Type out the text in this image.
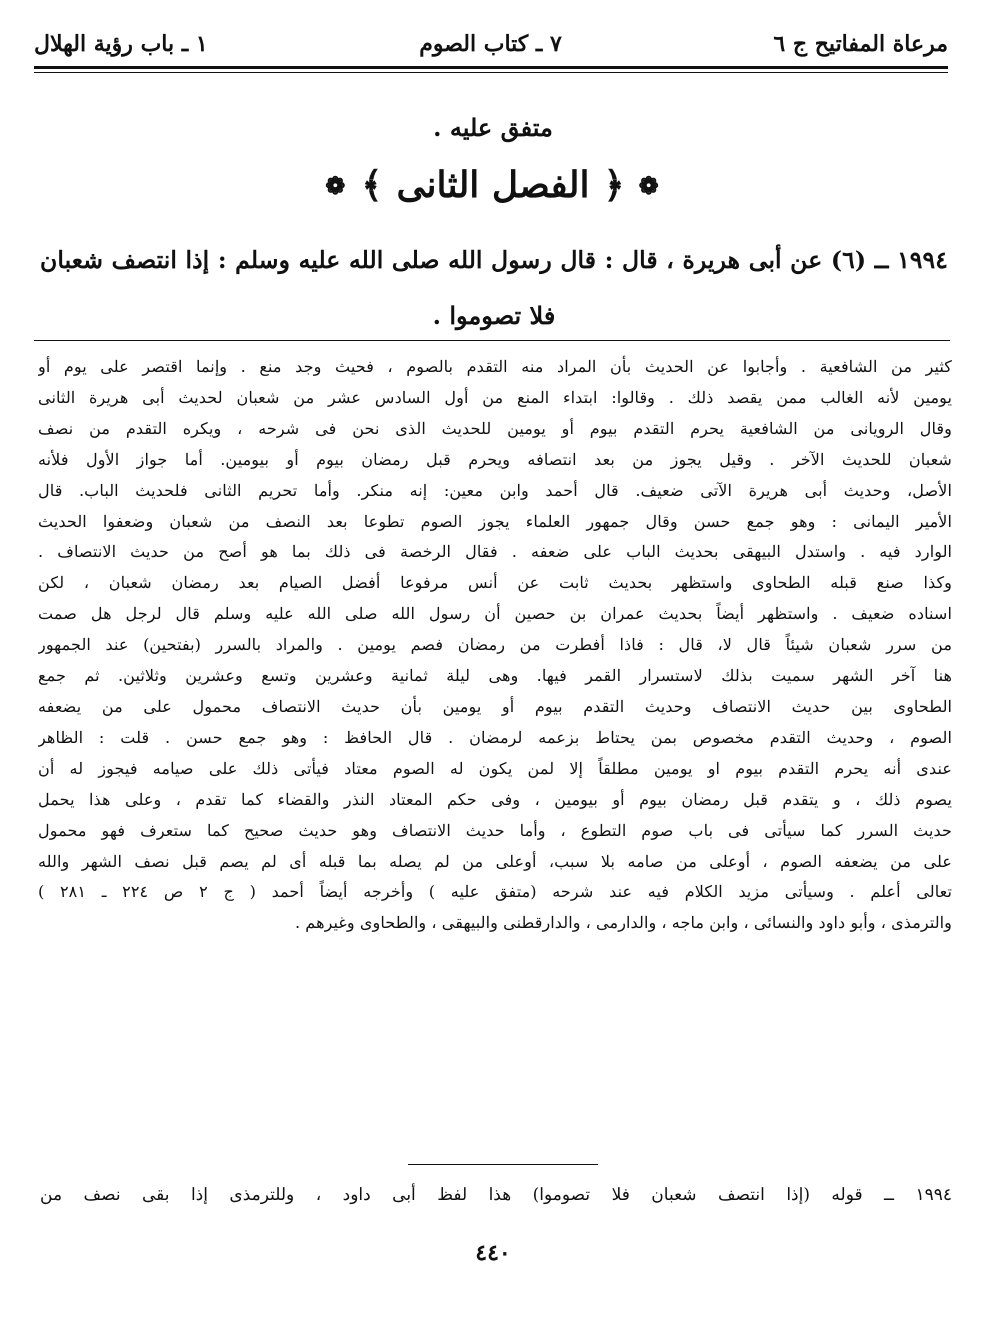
مرعاة المفاتيح ج ٦
٧ ـ كتاب الصوم
١ ـ باب رؤية الهلال
متفق عليه .
❁
﴿
الفصل الثانى
﴾
❁
١٩٩٤ ــ (٦) عن أبى هريرة ، قال : قال رسول الله صلى الله عليه وسلم : إذا انتصف شعبان
فلا تصوموا .
كثير من الشافعية . وأجابوا عن الحديث بأن المراد منه التقدم بالصوم ، فحيث وجد منع . وإنما اقتصر على يوم أو
يومين لأنه الغالب ممن يقصد ذلك . وقالوا: ابتداء المنع من أول السادس عشر من شعبان لحديث أبى هريرة الثانى
وقال الرويانى من الشافعية يحرم التقدم بيوم أو يومين للحديث الذى نحن فى شرحه ، ويكره التقدم من نصف
شعبان للحديث الآخر . وقيل يجوز من بعد انتصافه ويحرم قبل رمضان بيوم أو بيومين. أما جواز الأول فلأنه
الأصل، وحديث أبى هريرة الآتى ضعيف. قال أحمد وابن معين: إنه منكر. وأما تحريم الثانى فلحديث الباب. قال
الأمير اليمانى : وهو جمع حسن وقال جمهور العلماء يجوز الصوم تطوعا بعد النصف من شعبان وضعفوا الحديث
الوارد فيه . واستدل البيهقى بحديث الباب على ضعفه . فقال الرخصة فى ذلك بما هو أصح من حديث الانتصاف .
وكذا صنع قبله الطحاوى واستظهر بحديث ثابت عن أنس مرفوعا أفضل الصيام بعد رمضان شعبان ، لكن
اسناده ضعيف . واستظهر أيضاً بحديث عمران بن حصين أن رسول الله صلى الله عليه وسلم قال لرجل هل صمت
من سرر شعبان شيئاً قال لا، قال : فاذا أفطرت من رمضان فصم يومين . والمراد بالسرر (بفتحين) عند الجمهور
هنا آخر الشهر سميت بذلك لاستسرار القمر فيها. وهى ليلة ثمانية وعشرين وتسع وعشرين وثلاثين. ثم جمع
الطحاوى بين حديث الانتصاف وحديث التقدم بيوم أو يومين بأن حديث الانتصاف محمول على من يضعفه
الصوم ، وحديث التقدم مخصوص بمن يحتاط بزعمه لرمضان . قال الحافظ : وهو جمع حسن . قلت : الظاهر
عندى أنه يحرم التقدم بيوم او يومين مطلقاً إلا لمن يكون له الصوم معتاد فيأتى ذلك على صيامه فيجوز له أن
يصوم ذلك ، و يتقدم قبل رمضان بيوم أو بيومين ، وفى حكم المعتاد النذر والقضاء كما تقدم ، وعلى هذا يحمل
حديث السرر كما سيأتى فى باب صوم التطوع ، وأما حديث الانتصاف وهو حديث صحيح كما ستعرف فهو محمول
على من يضعفه الصوم ، أوعلى من صامه بلا سبب، أوعلى من لم يصله بما قبله أى لم يصم قبل نصف الشهر والله
تعالى أعلم . وسيأتى مزيد الكلام فيه عند شرحه (متفق عليه ) وأخرجه أيضاً أحمد ( ج ٢ ص ٢٢٤ ـ ٢٨١ )
والترمذى ، وأبو داود والنسائى ، وابن ماجه ، والدارمى ، والدارقطنى والبيهقى ، والطحاوى وغيرهم .
١٩٩٤ ــ قوله (إذا انتصف شعبان فلا تصوموا) هذا لفظ أبى داود ، وللترمذى إذا بقى نصف من
٤٤٠
